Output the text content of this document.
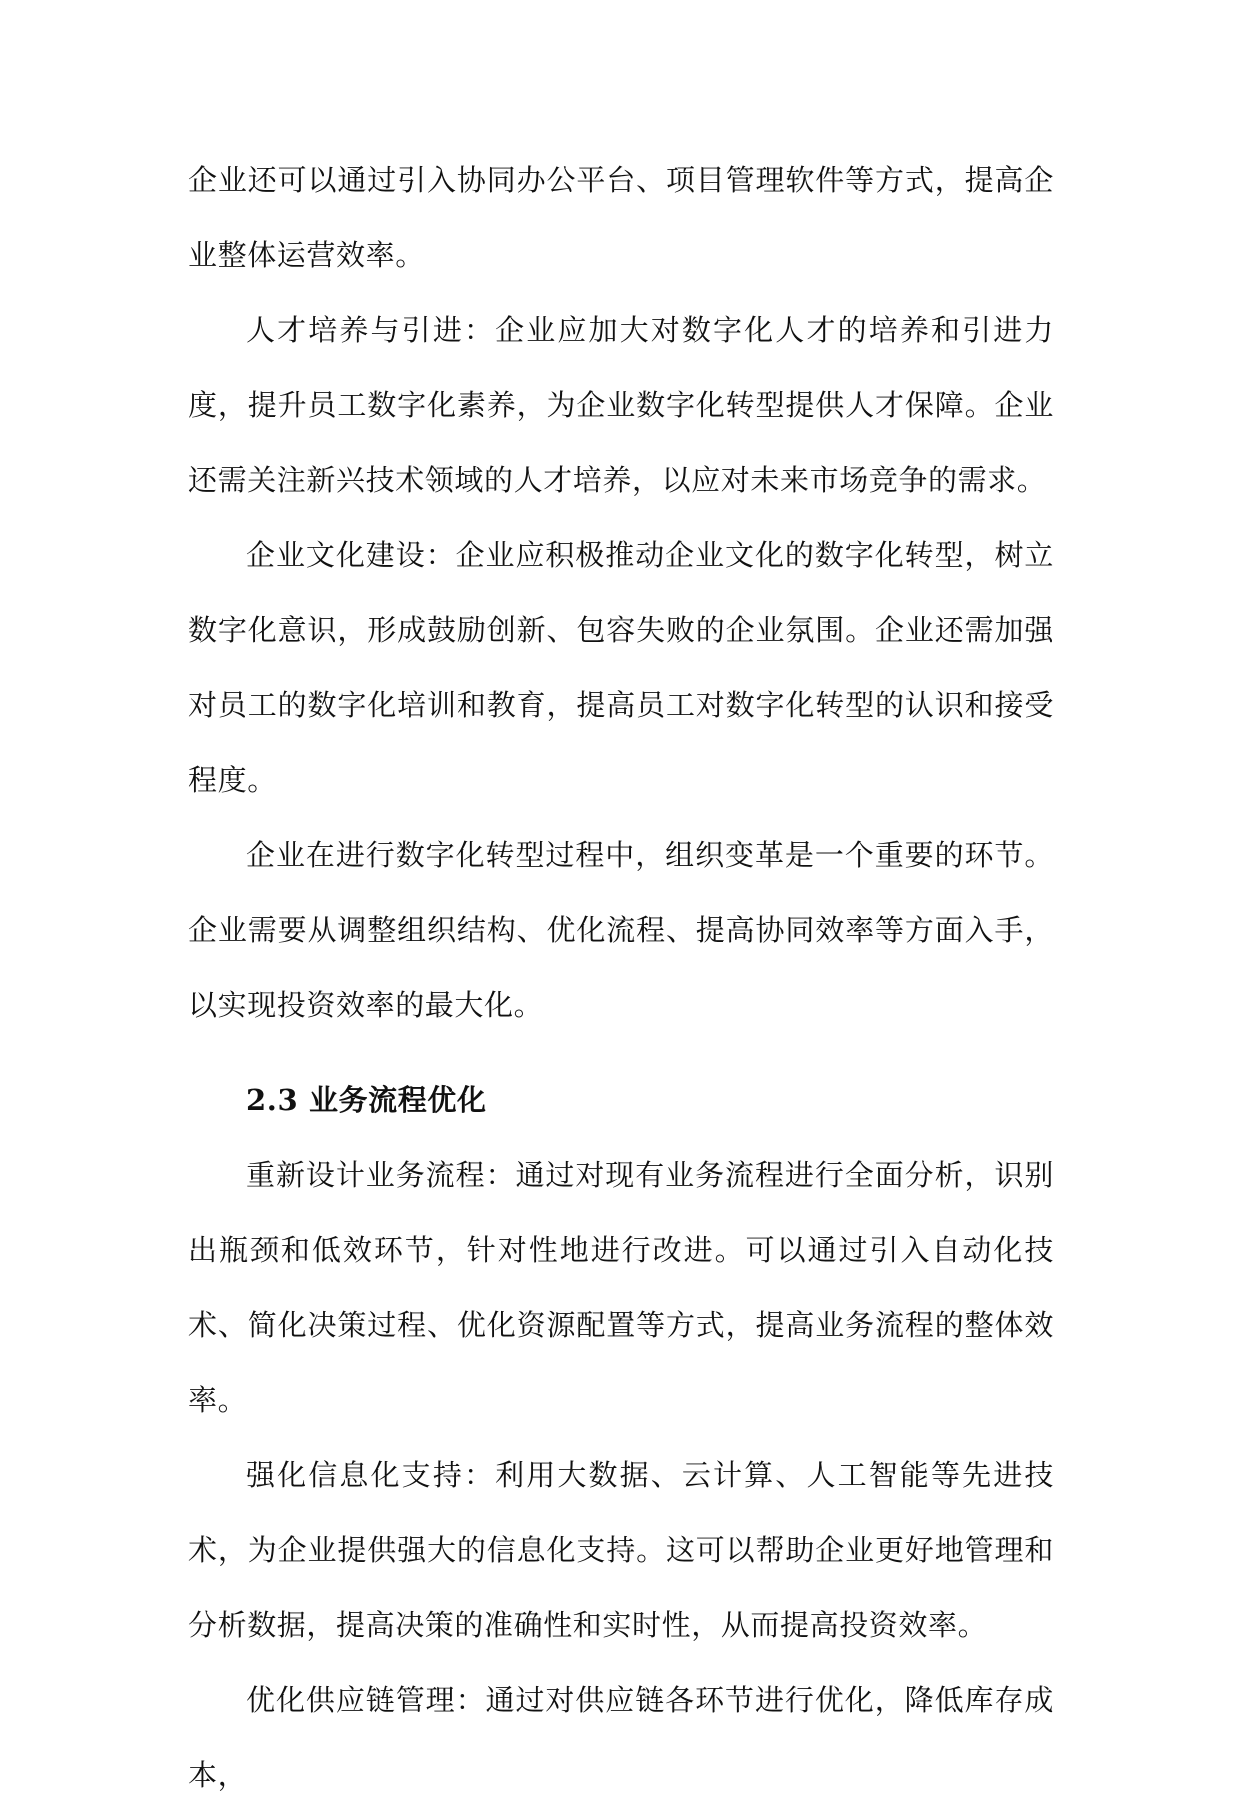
企业还可以通过引入协同办公平台、项目管理软件等方式，提高企业整体运营效率。

人才培养与引进：企业应加大对数字化人才的培养和引进力度，提升员工数字化素养，为企业数字化转型提供人才保障。企业还需关注新兴技术领域的人才培养，以应对未来市场竞争的需求。

企业文化建设：企业应积极推动企业文化的数字化转型，树立数字化意识，形成鼓励创新、包容失败的企业氛围。企业还需加强对员工的数字化培训和教育，提高员工对数字化转型的认识和接受程度。

企业在进行数字化转型过程中，组织变革是一个重要的环节。企业需要从调整组织结构、优化流程、提高协同效率等方面入手，以实现投资效率的最大化。

2.3 业务流程优化

重新设计业务流程：通过对现有业务流程进行全面分析，识别出瓶颈和低效环节，针对性地进行改进。可以通过引入自动化技术、简化决策过程、优化资源配置等方式，提高业务流程的整体效率。

强化信息化支持：利用大数据、云计算、人工智能等先进技术，为企业提供强大的信息化支持。这可以帮助企业更好地管理和分析数据，提高决策的准确性和实时性，从而提高投资效率。

优化供应链管理：通过对供应链各环节进行优化，降低库存成本，
